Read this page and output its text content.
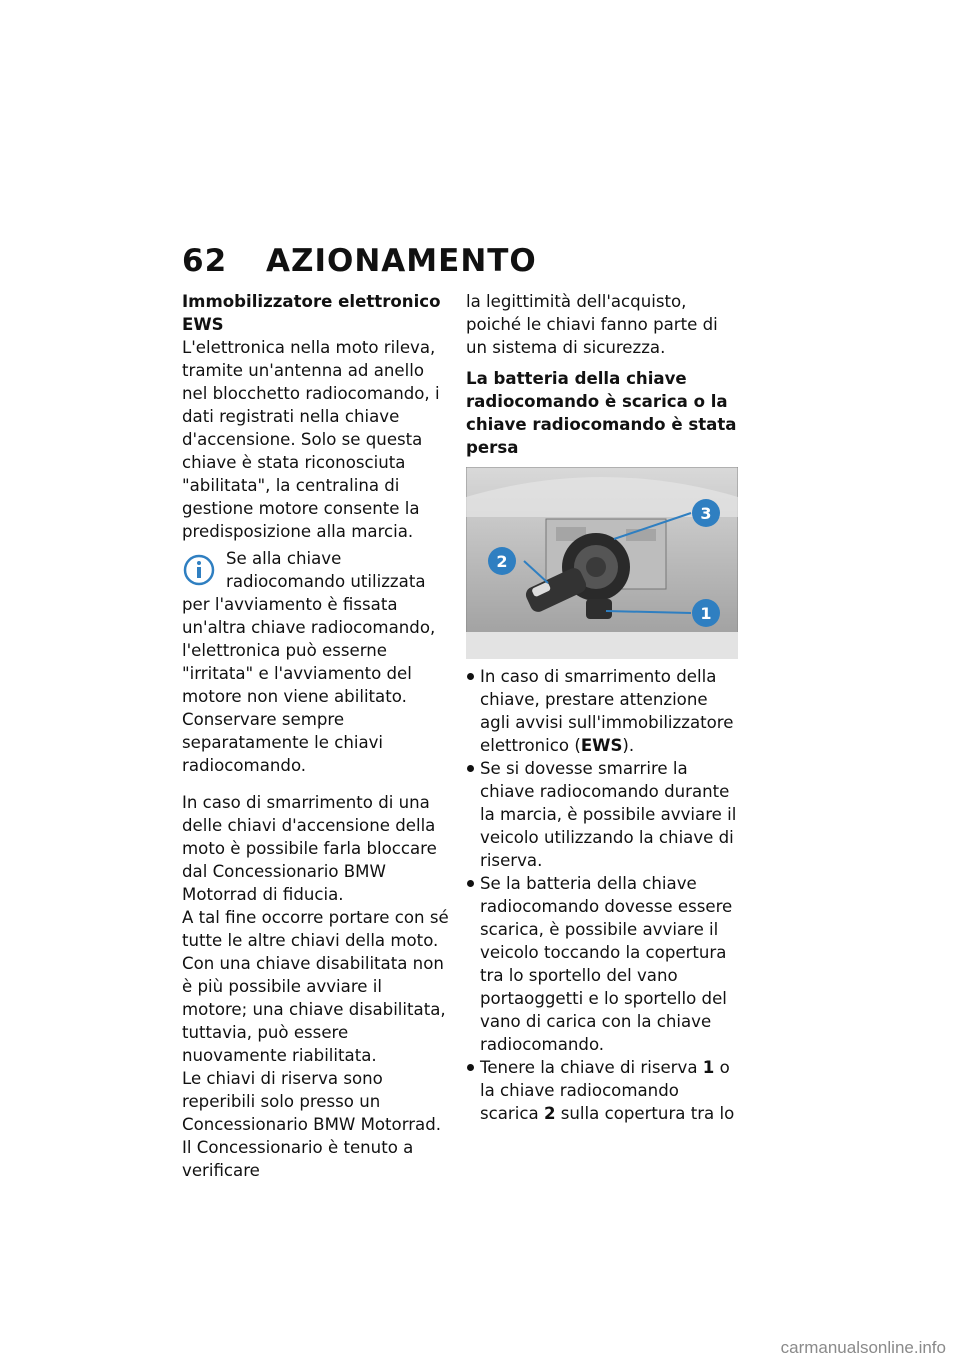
62 AZIONAMENTO

Immobilizzatore elettronico EWS

L'elettronica nella moto rileva, tramite un'antenna ad anello nel blocchetto radiocomando, i dati registrati nella chiave d'accensione. Solo se questa chiave è stata riconosciuta "abilitata", la centralina di gestione motore consente la predisposizione alla marcia.

Se alla chiave radiocomando utilizzata

per l'avviamento è fissata un'altra chiave radiocomando, l'elettronica può esserne "irritata" e l'avviamento del motore non viene abilitato.

Conservare sempre separatamente le chiavi radiocomando.

In caso di smarrimento di una delle chiavi d'accensione della moto è possibile farla bloccare dal Concessionario BMW Motorrad di fiducia.

A tal fine occorre portare con sé tutte le altre chiavi della moto. Con una chiave disabilitata non è più possibile avviare il motore; una chiave disabilitata, tuttavia, può essere nuovamente riabilitata.

Le chiavi di riserva sono reperibili solo presso un Concessionario BMW Motorrad. Il Concessionario è tenuto a verificare

la legittimità dell'acquisto, poiché le chiavi fanno parte di un sistema di sicurezza.

La batteria della chiave radiocomando è scarica o la chiave radiocomando è stata persa

1
2
3
In caso di smarrimento della chiave, prestare attenzione agli avvisi sull'immobilizzatore elettronico (EWS).
Se si dovesse smarrire la chiave radiocomando durante la marcia, è possibile avviare il veicolo utilizzando la chiave di riserva.
Se la batteria della chiave radiocomando dovesse essere scarica, è possibile avviare il veicolo toccando la copertura tra lo sportello del vano portaoggetti e lo sportello del vano di carica con la chiave radiocomando.
Tenere la chiave di riserva 1 o la chiave radiocomando scarica 2 sulla copertura tra lo
carmanualsonline.info
